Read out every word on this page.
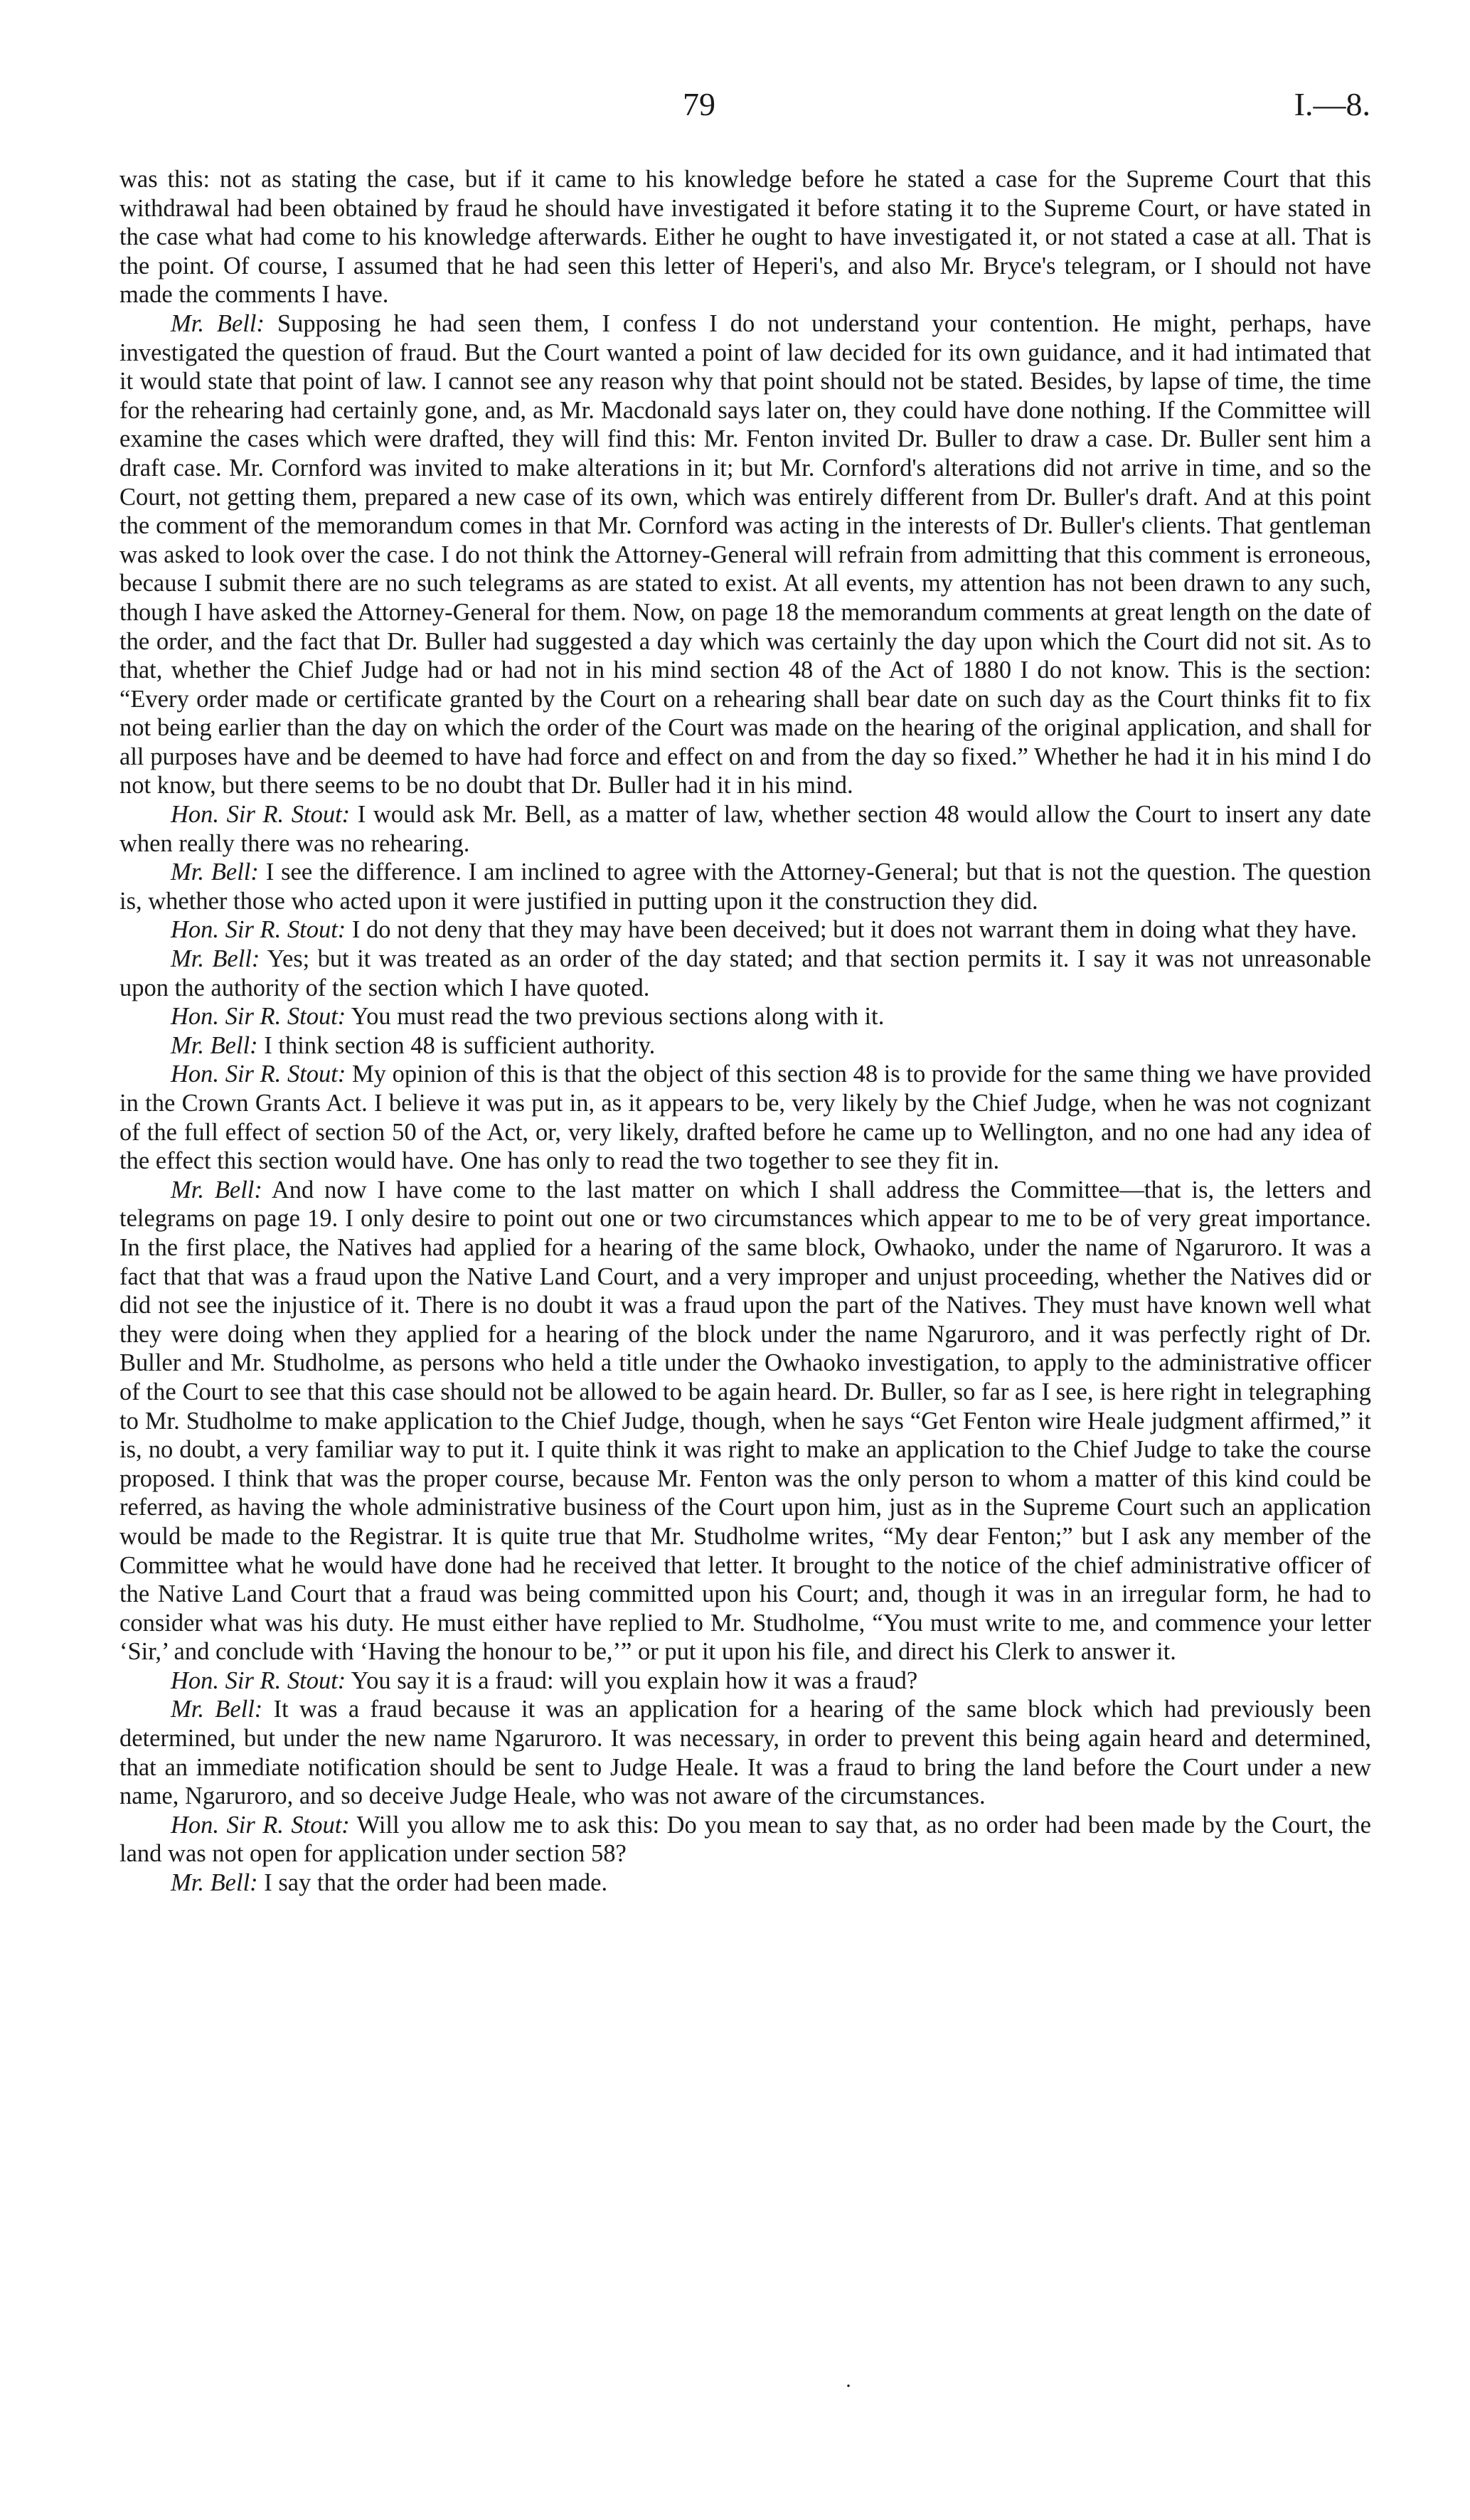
79	I.—8.

was this: not as stating the case, but if it came to his knowledge before he stated a case for the Supreme Court that this withdrawal had been obtained by fraud he should have investigated it before stating it to the Supreme Court, or have stated in the case what had come to his knowledge afterwards. Either he ought to have investigated it, or not stated a case at all. That is the point. Of course, I assumed that he had seen this letter of Heperi's, and also Mr. Bryce's telegram, or I should not have made the comments I have.

Mr. Bell: Supposing he had seen them, I confess I do not understand your contention. He might, perhaps, have investigated the question of fraud. But the Court wanted a point of law decided for its own guidance, and it had intimated that it would state that point of law. I cannot see any reason why that point should not be stated. Besides, by lapse of time, the time for the rehearing had certainly gone, and, as Mr. Macdonald says later on, they could have done nothing. If the Committee will examine the cases which were drafted, they will find this: Mr. Fenton invited Dr. Buller to draw a case. Dr. Buller sent him a draft case. Mr. Cornford was invited to make alterations in it; but Mr. Cornford's alterations did not arrive in time, and so the Court, not getting them, prepared a new case of its own, which was entirely different from Dr. Buller's draft. And at this point the comment of the memorandum comes in that Mr. Cornford was acting in the interests of Dr. Buller's clients. That gentleman was asked to look over the case. I do not think the Attorney-General will refrain from admitting that this comment is erroneous, because I submit there are no such telegrams as are stated to exist. At all events, my attention has not been drawn to any such, though I have asked the Attorney-General for them. Now, on page 18 the memorandum comments at great length on the date of the order, and the fact that Dr. Buller had suggested a day which was certainly the day upon which the Court did not sit. As to that, whether the Chief Judge had or had not in his mind section 48 of the Act of 1880 I do not know. This is the section: “Every order made or certificate granted by the Court on a rehearing shall bear date on such day as the Court thinks fit to fix not being earlier than the day on which the order of the Court was made on the hearing of the original application, and shall for all purposes have and be deemed to have had force and effect on and from the day so fixed.” Whether he had it in his mind I do not know, but there seems to be no doubt that Dr. Buller had it in his mind.

Hon. Sir R. Stout: I would ask Mr. Bell, as a matter of law, whether section 48 would allow the Court to insert any date when really there was no rehearing.

Mr. Bell: I see the difference. I am inclined to agree with the Attorney-General; but that is not the question. The question is, whether those who acted upon it were justified in putting upon it the construction they did.

Hon. Sir R. Stout: I do not deny that they may have been deceived; but it does not warrant them in doing what they have.

Mr. Bell: Yes; but it was treated as an order of the day stated; and that section permits it. I say it was not unreasonable upon the authority of the section which I have quoted.

Hon. Sir R. Stout: You must read the two previous sections along with it.

Mr. Bell: I think section 48 is sufficient authority.

Hon. Sir R. Stout: My opinion of this is that the object of this section 48 is to provide for the same thing we have provided in the Crown Grants Act. I believe it was put in, as it appears to be, very likely by the Chief Judge, when he was not cognizant of the full effect of section 50 of the Act, or, very likely, drafted before he came up to Wellington, and no one had any idea of the effect this section would have. One has only to read the two together to see they fit in.

Mr. Bell: And now I have come to the last matter on which I shall address the Committee—that is, the letters and telegrams on page 19. I only desire to point out one or two circumstances which appear to me to be of very great importance. In the first place, the Natives had applied for a hearing of the same block, Owhaoko, under the name of Ngaruroro. It was a fact that that was a fraud upon the Native Land Court, and a very improper and unjust proceeding, whether the Natives did or did not see the injustice of it. There is no doubt it was a fraud upon the part of the Natives. They must have known well what they were doing when they applied for a hearing of the block under the name Ngaruroro, and it was perfectly right of Dr. Buller and Mr. Studholme, as persons who held a title under the Owhaoko investigation, to apply to the administrative officer of the Court to see that this case should not be allowed to be again heard. Dr. Buller, so far as I see, is here right in telegraphing to Mr. Studholme to make application to the Chief Judge, though, when he says “Get Fenton wire Heale judgment affirmed,” it is, no doubt, a very familiar way to put it. I quite think it was right to make an application to the Chief Judge to take the course proposed. I think that was the proper course, because Mr. Fenton was the only person to whom a matter of this kind could be referred, as having the whole administrative business of the Court upon him, just as in the Supreme Court such an application would be made to the Registrar. It is quite true that Mr. Studholme writes, “My dear Fenton;” but I ask any member of the Committee what he would have done had he received that letter. It brought to the notice of the chief administrative officer of the Native Land Court that a fraud was being committed upon his Court; and, though it was in an irregular form, he had to consider what was his duty. He must either have replied to Mr. Studholme, “You must write to me, and commence your letter ‘Sir,’ and conclude with ‘Having the honour to be,’” or put it upon his file, and direct his Clerk to answer it.

Hon. Sir R. Stout: You say it is a fraud: will you explain how it was a fraud?

Mr. Bell: It was a fraud because it was an application for a hearing of the same block which had previously been determined, but under the new name Ngaruroro. It was necessary, in order to prevent this being again heard and determined, that an immediate notification should be sent to Judge Heale. It was a fraud to bring the land before the Court under a new name, Ngaruroro, and so deceive Judge Heale, who was not aware of the circumstances.

Hon. Sir R. Stout: Will you allow me to ask this: Do you mean to say that, as no order had been made by the Court, the land was not open for application under section 58?

Mr. Bell: I say that the order had been made.

·
